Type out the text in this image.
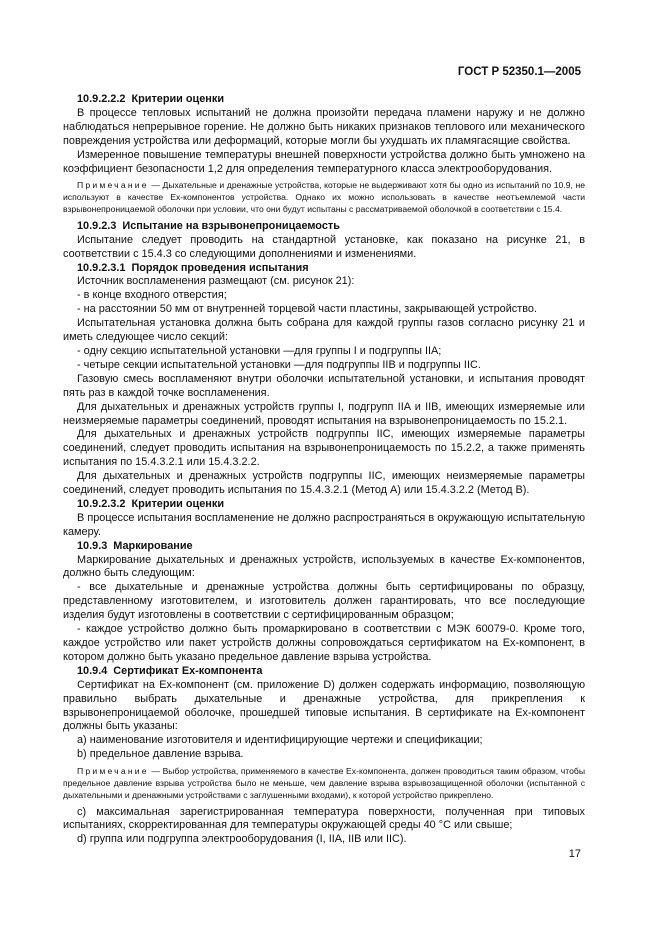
ГОСТ Р 52350.1—2005

10.9.2.2.2 Критерии оценки

В процессе тепловых испытаний не должна произойти передача пламени наружу и не должно наблюдаться непрерывное горение. Не должно быть никаких признаков теплового или механического повреждения устройства или деформаций, которые могли бы ухудшать их пламягасящие свойства.

Измеренное повышение температуры внешней поверхности устройства должно быть умножено на коэффициент безопасности 1,2 для определения температурного класса электрооборудования.

Примечание — Дыхательные и дренажные устройства, которые не выдерживают хотя бы одно из испытаний по 10.9, не используют в качестве Ex-компонентов устройства. Однако их можно использовать в качестве неотъемлемой части взрывонепроницаемой оболочки при условии, что они будут испытаны с рассматриваемой оболочкой в соответствии с 15.4.

10.9.2.3 Испытание на взрывонепроницаемость

Испытание следует проводить на стандартной установке, как показано на рисунке 21, в соответствии с 15.4.3 со следующими дополнениями и изменениями.

10.9.2.3.1 Порядок проведения испытания

Источник воспламенения размещают (см. рисунок 21):

- в конце входного отверстия;

- на расстоянии 50 мм от внутренней торцевой части пластины, закрывающей устройство.

Испытательная установка должна быть собрана для каждой группы газов согласно рисунку 21 и иметь следующее число секций:

- одну секцию испытательной установки —для группы I и подгруппы IIA;

- четыре секции испытательной установки —для подгруппы IIB и подгруппы IIC.

Газовую смесь воспламеняют внутри оболочки испытательной установки, и испытания проводят пять раз в каждой точке воспламенения.

Для дыхательных и дренажных устройств группы I, подгрупп IIA и IIB, имеющих измеряемые или неизмеряемые параметры соединений, проводят испытания на взрывонепроницаемость по 15.2.1.

Для дыхательных и дренажных устройств подгруппы IIC, имеющих измеряемые параметры соединений, следует проводить испытания на взрывонепроницаемость по 15.2.2, а также применять испытания по 15.4.3.2.1 или 15.4.3.2.2.

Для дыхательных и дренажных устройств подгруппы IIC, имеющих неизмеряемые параметры соединений, следует проводить испытания по 15.4.3.2.1 (Метод А) или 15.4.3.2.2 (Метод В).

10.9.2.3.2 Критерии оценки

В процессе испытания воспламенение не должно распространяться в окружающую испытательную камеру.

10.9.3 Маркирование

Маркирование дыхательных и дренажных устройств, используемых в качестве Ex-компонентов, должно быть следующим:

- все дыхательные и дренажные устройства должны быть сертифицированы по образцу, представленному изготовителем, и изготовитель должен гарантировать, что все последующие изделия будут изготовлены в соответствии с сертифицированным образцом;

- каждое устройство должно быть промаркировано в соответствии с МЭК 60079-0. Кроме того, каждое устройство или пакет устройств должны сопровождаться сертификатом на Ex-компонент, в котором должно быть указано предельное давление взрыва устройства.

10.9.4 Сертификат Ex-компонента

Сертификат на Ex-компонент (см. приложение D) должен содержать информацию, позволяющую правильно выбрать дыхательные и дренажные устройства, для прикрепления к взрывонепроницаемой оболочке, прошедшей типовые испытания. В сертификате на Ex-компонент должны быть указаны:

а) наименование изготовителя и идентифицирующие чертежи и спецификации;

b) предельное давление взрыва.

Примечание — Выбор устройства, применяемого в качестве Ex-компонента, должен проводиться таким образом, чтобы предельное давление взрыва устройства было не меньше, чем давление взрыва взрывозащищенной оболочки (испытанной с дыхательными и дренажными устройствами с заглушенными входами), к которой устройство прикреплено.

c) максимальная зарегистрированная температура поверхности, полученная при типовых испытаниях, скорректированная для температуры окружающей среды 40 °С или свыше;

d) группа или подгруппа электрооборудования (I, IIA, IIB или IIC).

17
